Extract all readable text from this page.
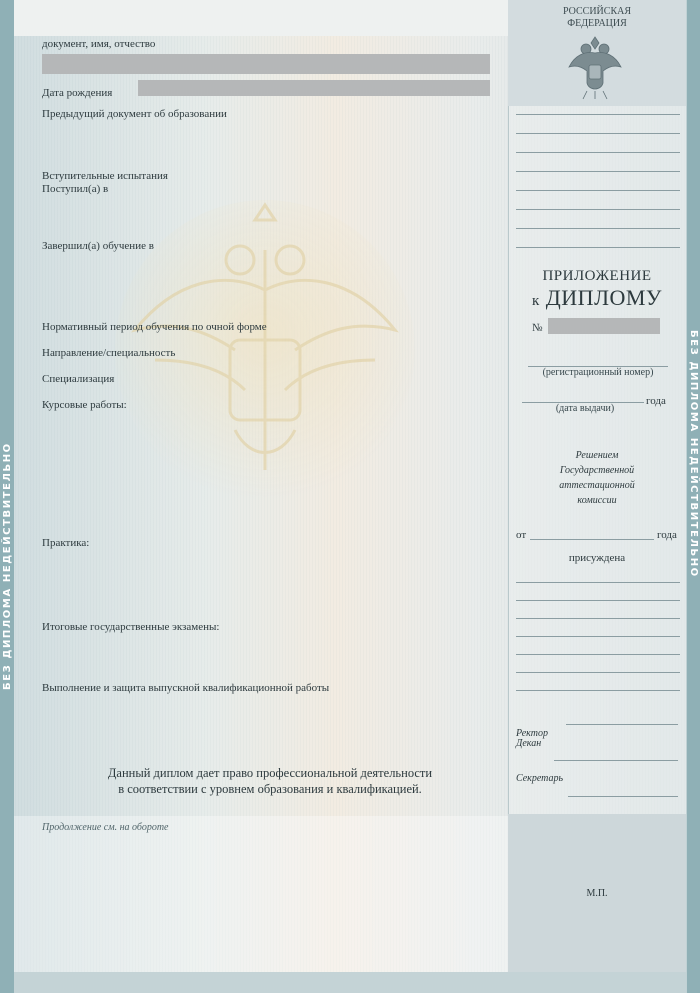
БЕЗ ДИПЛОМА НЕДЕЙСТВИТЕЛЬНО	БЕЗ ДИПЛОМА НЕДЕЙСТВИТЕЛЬНО
документ, имя, отчество
Дата рождения
Предыдущий документ об образовании
Вступительные испытания
Поступил(а) в
Завершил(а) обучение в
Нормативный период обучения по очной форме
Направление/специальность
Специализация
Курсовые работы:
Практика:
Итоговые государственные экзамены:
Выполнение и защита выпускной квалификационной работы
Данный диплом дает право профессиональной деятельности
в соответствии с уровнем образования и квалификацией.
Продолжение см. на обороте
РОССИЙСКАЯ
ФЕДЕРАЦИЯ
ПРИЛОЖЕНИЕ
к ДИПЛОМУ
№
(регистрационный номер)
года
(дата выдачи)
Решением
Государственной
аттестационной
комиссии
от	года
присуждена
Ректор
Декан
Секретарь
М.П.
